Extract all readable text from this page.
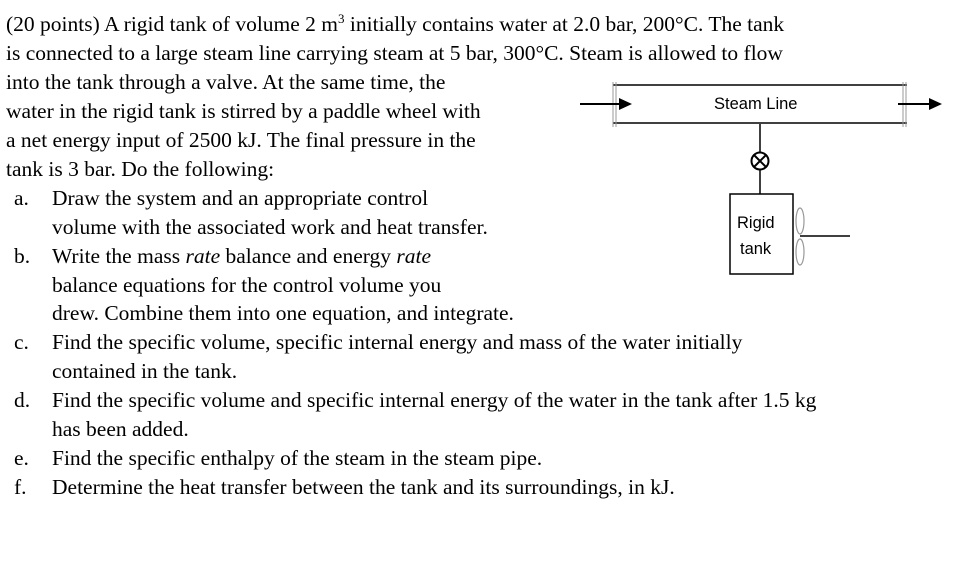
(20 points) A rigid tank of volume 2 $m^3$ initially contains water at 2.0 bar, 200°C. The tank
is connected to a large steam line carrying steam at 5 bar, 300°C. Steam is allowed to flow
into the tank through a valve. At the same time, the
water in the rigid tank is stirred by a paddle wheel with
a net energy input of 2500 kJ. The final pressure in the
tank is 3 bar. Do the following:
a. Draw the system and an appropriate control
volume with the associated work and heat transfer.
b. Write the mass rate balance and energy rate
balance equations for the control volume you
drew. Combine them into one equation, and integrate.
c. Find the specific volume, specific internal energy and mass of the water initially
contained in the tank.
d. Find the specific volume and specific internal energy of the water in the tank after 1.5 kg
has been added.
e. Find the specific enthalpy of the steam in the steam pipe.
f. Determine the heat transfer between the tank and its surroundings, in kJ.
Steam Line
Rigid
tank
